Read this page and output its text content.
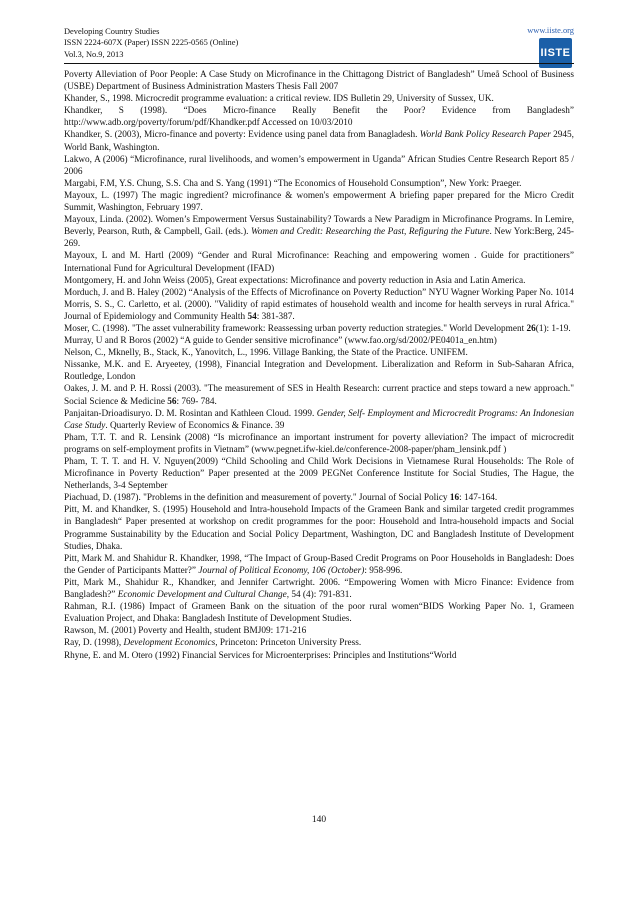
Developing Country Studies
ISSN 2224-607X (Paper) ISSN 2225-0565 (Online)
Vol.3, No.9, 2013
www.iiste.org
IISTE

Poverty Alleviation of Poor People: A Case Study on Microfinance in the Chittagong District of Bangladesh” Umeå School of Business (USBE) Department of Business Administration Masters Thesis Fall 2007

Khander, S., 1998. Microcredit programme evaluation: a critical review. IDS Bulletin 29, University of Sussex, UK.

Khandker, S (1998). “Does Micro-finance Really Benefit the Poor? Evidence from Bangladesh” http://www.adb.org/poverty/forum/pdf/Khandker.pdf Accessed on 10/03/2010

Khandker, S. (2003), Micro-finance and poverty: Evidence using panel data from Banagladesh. World Bank Policy Research Paper 2945, World Bank, Washington.

Lakwo, A (2006) “Microfinance, rural livelihoods, and women’s empowerment in Uganda” African Studies Centre Research Report 85 / 2006

Margabi, F.M, Y.S. Chung, S.S. Cha and S. Yang (1991) “The Economics of Household Consumption”, New York: Praeger.

Mayoux, L. (1997) The magic ingredient? microfinance & women's empowerment A briefing paper prepared for the Micro Credit Summit, Washington, February 1997.

Mayoux, Linda. (2002). Women’s Empowerment Versus Sustainability? Towards a New Paradigm in Microfinance Programs. In Lemire, Beverly, Pearson, Ruth, & Campbell, Gail. (eds.). Women and Credit: Researching the Past, Refiguring the Future. New York:Berg, 245-269.

Mayoux, L and M. Hartl (2009) “Gender and Rural Microfinance: Reaching and empowering women . Guide for practitioners” International Fund for Agricultural Development (IFAD)

Montgomery, H. and John Weiss (2005), Great expectations: Microfinance and poverty reduction in Asia and Latin America.

Morduch, J. and B. Haley (2002) “Analysis of the Effects of Microfinance on Poverty Reduction” NYU Wagner Working Paper No. 1014

Morris, S. S., C. Carletto, et al. (2000). "Validity of rapid estimates of household wealth and income for health serveys in rural Africa." Journal of Epidemiology and Community Health 54: 381-387.

Moser, C. (1998). "The asset vulnerability framework: Reassessing urban poverty reduction strategies." World Development 26(1): 1-19.

Murray, U and R Boros (2002) “A guide to Gender sensitive microfinance” (www.fao.org/sd/2002/PE0401a_en.htm)

Nelson, C., Mknelly, B., Stack, K., Yanovitch, L., 1996. Village Banking, the State of the Practice. UNIFEM.

Nissanke, M.K. and E. Aryeetey, (1998), Financial Integration and Development. Liberalization and Reform in Sub-Saharan Africa, Routledge, London

Oakes, J. M. and P. H. Rossi (2003). "The measurement of SES in Health Research: current practice and steps toward a new approach." Social Science & Medicine 56: 769- 784.

Panjaitan-Drioadisuryo. D. M. Rosintan and Kathleen Cloud. 1999. Gender, Self- Employment and Microcredit Programs: An Indonesian Case Study. Quarterly Review of Economics & Finance. 39

Pham, T.T. T. and R. Lensink (2008) “Is microfinance an important instrument for poverty alleviation? The impact of microcredit programs on self-employment profits in Vietnam” (www.pegnet.ifw-kiel.de/conference-2008-paper/pham_lensink.pdf )

Pham, T. T. T. and H. V. Nguyen(2009) “Child Schooling and Child Work Decisions in Vietnamese Rural Households: The Role of Microfinance in Poverty Reduction” Paper presented at the 2009 PEGNet Conference Institute for Social Studies, The Hague, the Netherlands, 3-4 September

Piachuad, D. (1987). "Problems in the definition and measurement of poverty." Journal of Social Policy 16: 147-164.

Pitt, M. and Khandker, S. (1995) Household and Intra-household Impacts of the Grameen Bank and similar targeted credit programmes in Bangladesh“ Paper presented at workshop on credit programmes for the poor: Household and Intra-household impacts and Social Programme Sustainability by the Education and Social Policy Department, Washington, DC and Bangladesh Institute of Development Studies, Dhaka.

Pitt, Mark M. and Shahidur R. Khandker, 1998, “The Impact of Group-Based Credit Programs on Poor Households in Bangladesh: Does the Gender of Participants Matter?” Journal of Political Economy, 106 (October): 958-996.

Pitt, Mark M., Shahidur R., Khandker, and Jennifer Cartwright. 2006. “Empowering Women with Micro Finance: Evidence from Bangladesh?” Economic Development and Cultural Change, 54 (4): 791-831.

Rahman, R.I. (1986) Impact of Grameen Bank on the situation of the poor rural women“BIDS Working Paper No. 1, Grameen Evaluation Project, and Dhaka: Bangladesh Institute of Development Studies.

Rawson, M. (2001) Poverty and Health, student BMJ09: 171-216

Ray, D. (1998), Development Economics, Princeton: Princeton University Press.

Rhyne, E. and M. Otero (1992) Financial Services for Microenterprises: Principles and Institutions“World

140
